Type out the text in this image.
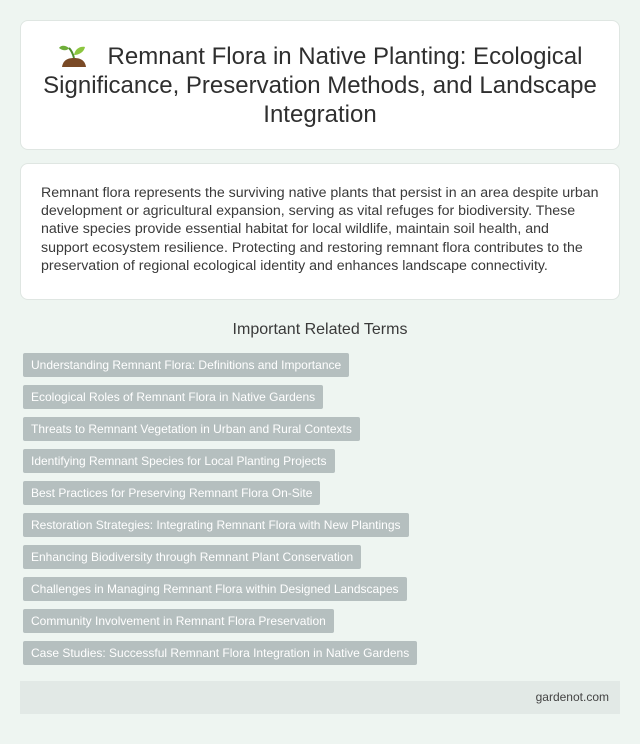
Remnant Flora in Native Planting: Ecological Significance, Preservation Methods, and Landscape Integration

Remnant flora represents the surviving native plants that persist in an area despite urban development or agricultural expansion, serving as vital refuges for biodiversity. These native species provide essential habitat for local wildlife, maintain soil health, and support ecosystem resilience. Protecting and restoring remnant flora contributes to the preservation of regional ecological identity and enhances landscape connectivity.

Important Related Terms
Understanding Remnant Flora: Definitions and Importance
Ecological Roles of Remnant Flora in Native Gardens
Threats to Remnant Vegetation in Urban and Rural Contexts
Identifying Remnant Species for Local Planting Projects
Best Practices for Preserving Remnant Flora On-Site
Restoration Strategies: Integrating Remnant Flora with New Plantings
Enhancing Biodiversity through Remnant Plant Conservation
Challenges in Managing Remnant Flora within Designed Landscapes
Community Involvement in Remnant Flora Preservation
Case Studies: Successful Remnant Flora Integration in Native Gardens
gardenot.com
